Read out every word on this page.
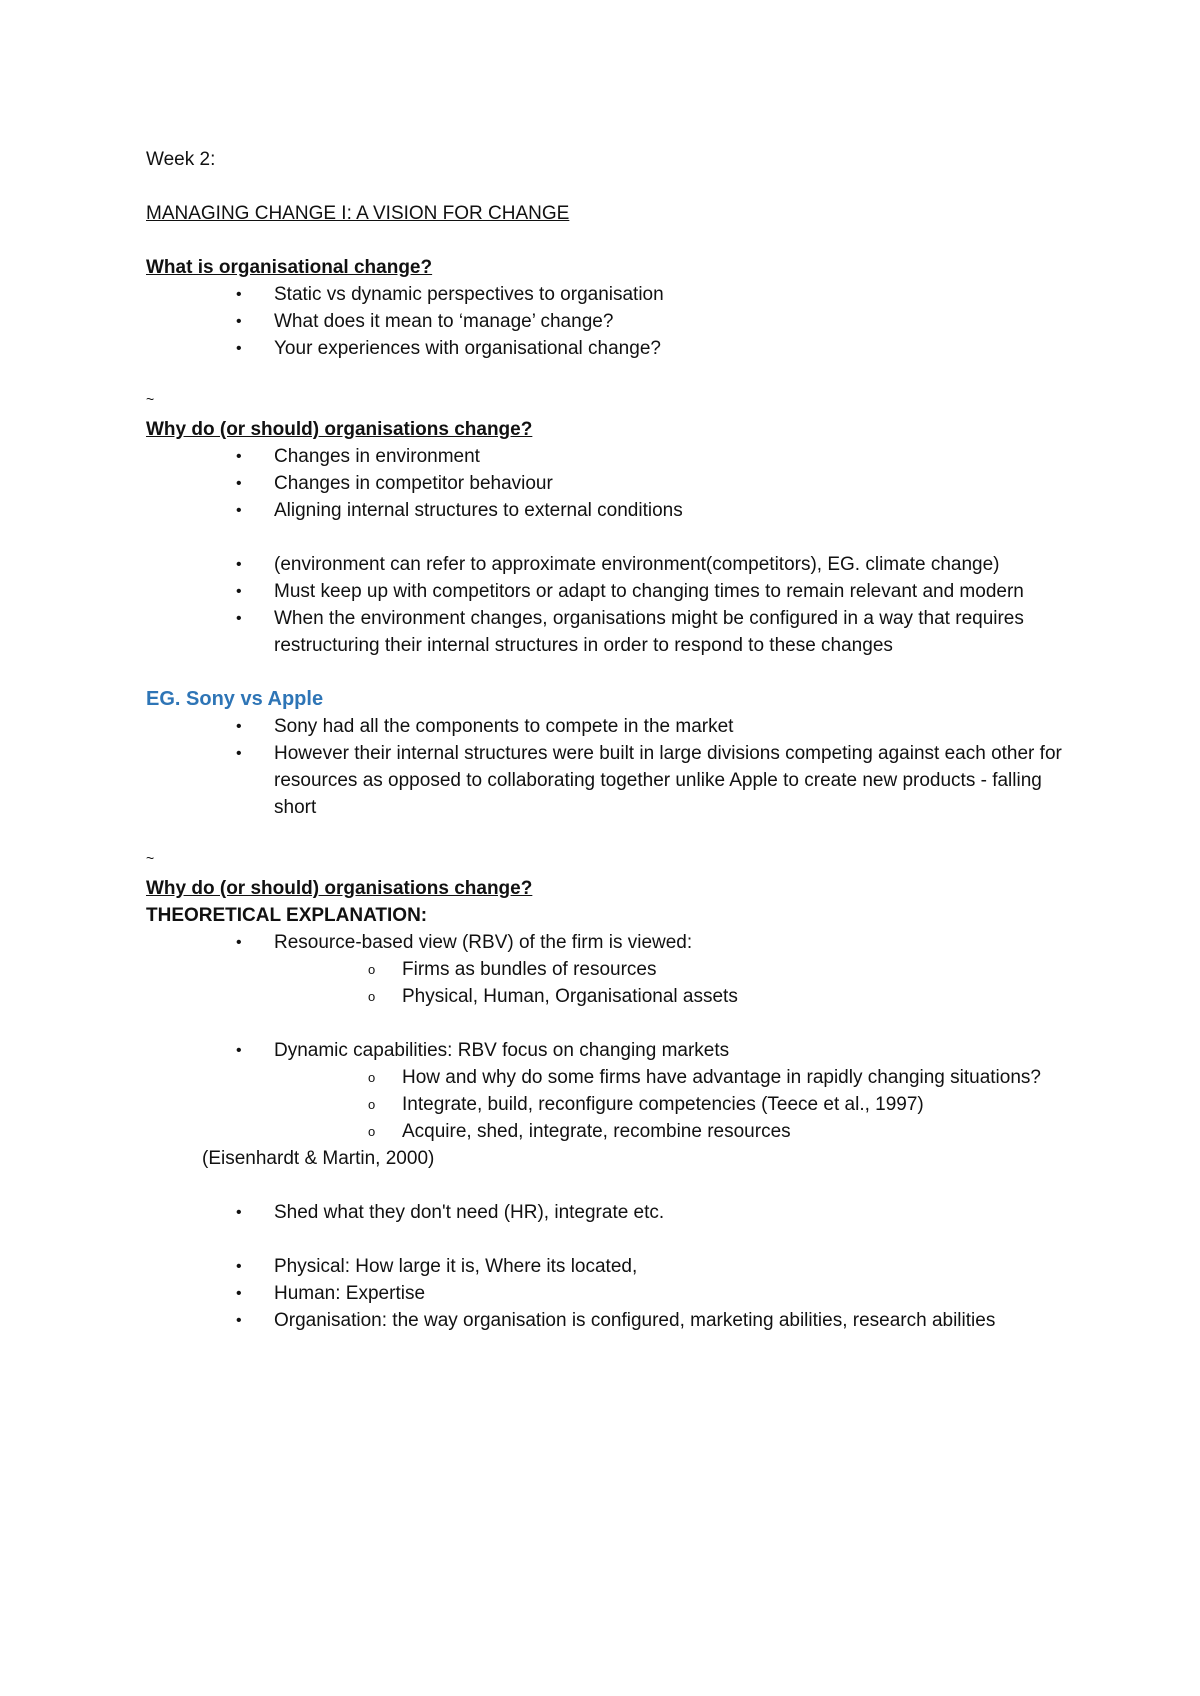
Week 2:

MANAGING CHANGE I: A VISION FOR CHANGE

What is organisational change?

• Static vs dynamic perspectives to organisation
• What does it mean to ‘manage’ change?
• Your experiences with organisational change?

~

Why do (or should) organisations change?

• Changes in environment
• Changes in competitor behaviour
• Aligning internal structures to external conditions
• (environment can refer to approximate environment(competitors), EG. climate change)
• Must keep up with competitors or adapt to changing times to remain relevant and modern
• When the environment changes, organisations might be configured in a way that requires restructuring their internal structures in order to respond to these changes

EG. Sony vs Apple

• Sony had all the components to compete in the market
• However their internal structures were built in large divisions competing against each other for resources as opposed to collaborating together unlike Apple to create new products - falling short

~

Why do (or should) organisations change?

THEORETICAL EXPLANATION:

• Resource-based view (RBV) of the firm is viewed:
o Firms as bundles of resources
o Physical, Human, Organisational assets
• Dynamic capabilities: RBV focus on changing markets
o How and why do some firms have advantage in rapidly changing situations?
o Integrate, build, reconfigure competencies (Teece et al., 1997)
o Acquire, shed, integrate, recombine resources

(Eisenhardt & Martin, 2000)

• Shed what they don't need (HR), integrate etc.
• Physical: How large it is, Where its located,
• Human: Expertise
• Organisation: the way organisation is configured, marketing abilities, research abilities
